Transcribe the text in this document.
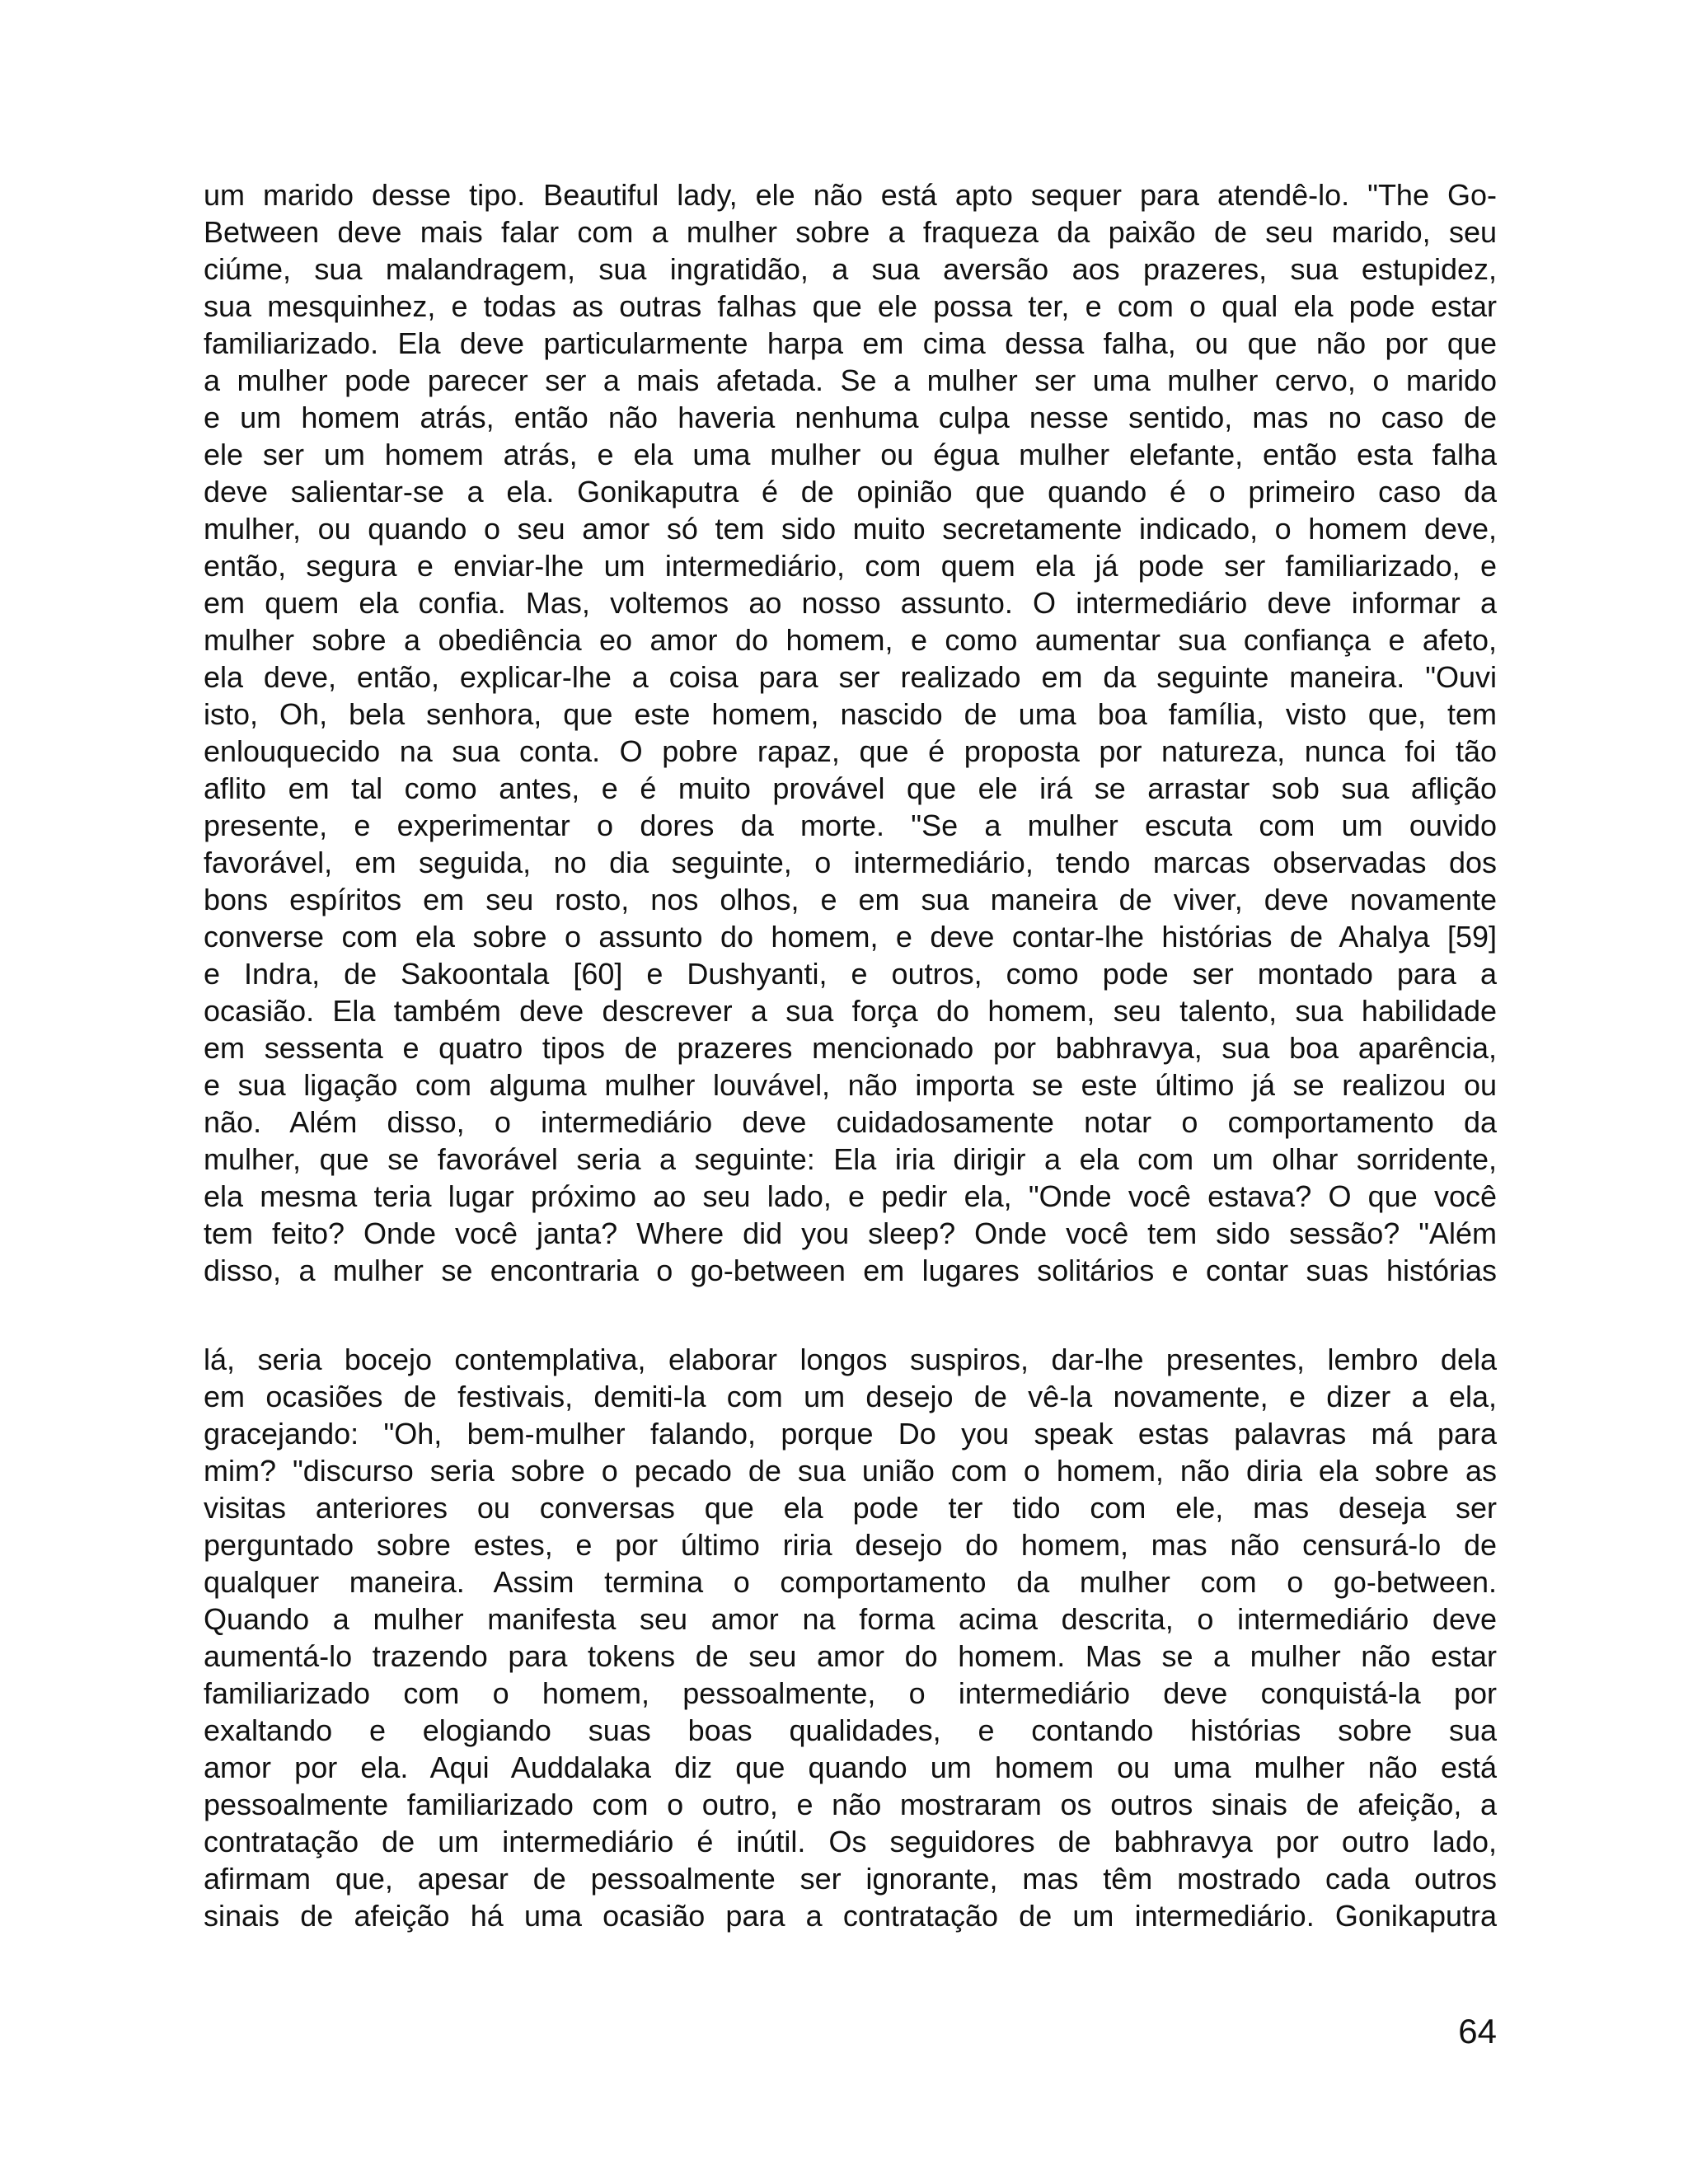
um marido desse tipo. Beautiful lady, ele não está apto sequer para atendê-lo. "The Go-
Between deve mais falar com a mulher sobre a fraqueza da paixão de seu marido, seu
ciúme, sua malandragem, sua ingratidão, a sua aversão aos prazeres, sua estupidez,
sua mesquinhez, e todas as outras falhas que ele possa ter, e com o qual ela pode estar
familiarizado. Ela deve particularmente harpa em cima dessa falha, ou que não por que
a mulher pode parecer ser a mais afetada. Se a mulher ser uma mulher cervo, o marido
e um homem atrás, então não haveria nenhuma culpa nesse sentido, mas no caso de
ele ser um homem atrás, e ela uma mulher ou égua mulher elefante, então esta falha
deve salientar-se a ela. Gonikaputra é de opinião que quando é o primeiro caso da
mulher, ou quando o seu amor só tem sido muito secretamente indicado, o homem deve,
então, segura e enviar-lhe um intermediário, com quem ela já pode ser familiarizado, e
em quem ela confia. Mas, voltemos ao nosso assunto. O intermediário deve informar a
mulher sobre a obediência eo amor do homem, e como aumentar sua confiança e afeto,
ela deve, então, explicar-lhe a coisa para ser realizado em da seguinte maneira. "Ouvi
isto, Oh, bela senhora, que este homem, nascido de uma boa família, visto que, tem
enlouquecido na sua conta. O pobre rapaz, que é proposta por natureza, nunca foi tão
aflito em tal como antes, e é muito provável que ele irá se arrastar sob sua aflição
presente, e experimentar o dores da morte. "Se a mulher escuta com um ouvido
favorável, em seguida, no dia seguinte, o intermediário, tendo marcas observadas dos
bons espíritos em seu rosto, nos olhos, e em sua maneira de viver, deve novamente
converse com ela sobre o assunto do homem, e deve contar-lhe histórias de Ahalya [59]
e Indra, de Sakoontala [60] e Dushyanti, e outros, como pode ser montado para a
ocasião. Ela também deve descrever a sua força do homem, seu talento, sua habilidade
em sessenta e quatro tipos de prazeres mencionado por babhravya, sua boa aparência,
e sua ligação com alguma mulher louvável, não importa se este último já se realizou ou
não. Além disso, o intermediário deve cuidadosamente notar o comportamento da
mulher, que se favorável seria a seguinte: Ela iria dirigir a ela com um olhar sorridente,
ela mesma teria lugar próximo ao seu lado, e pedir ela, "Onde você estava? O que você
tem feito? Onde você janta? Where did you sleep? Onde você tem sido sessão? "Além
disso, a mulher se encontraria o go-between em lugares solitários e contar suas histórias
lá, seria bocejo contemplativa, elaborar longos suspiros, dar-lhe presentes, lembro dela
em ocasiões de festivais, demiti-la com um desejo de vê-la novamente, e dizer a ela,
gracejando: "Oh, bem-mulher falando, porque Do you speak estas palavras má para
mim? "discurso seria sobre o pecado de sua união com o homem, não diria ela sobre as
visitas anteriores ou conversas que ela pode ter tido com ele, mas deseja ser
perguntado sobre estes, e por último riria desejo do homem, mas não censurá-lo de
qualquer maneira. Assim termina o comportamento da mulher com o go-between.
Quando a mulher manifesta seu amor na forma acima descrita, o intermediário deve
aumentá-lo trazendo para tokens de seu amor do homem. Mas se a mulher não estar
familiarizado com o homem, pessoalmente, o intermediário deve conquistá-la por
exaltando e elogiando suas boas qualidades, e contando histórias sobre sua
amor por ela. Aqui Auddalaka diz que quando um homem ou uma mulher não está
pessoalmente familiarizado com o outro, e não mostraram os outros sinais de afeição, a
contratação de um intermediário é inútil. Os seguidores de babhravya por outro lado,
afirmam que, apesar de pessoalmente ser ignorante, mas têm mostrado cada outros
sinais de afeição há uma ocasião para a contratação de um intermediário. Gonikaputra
64
